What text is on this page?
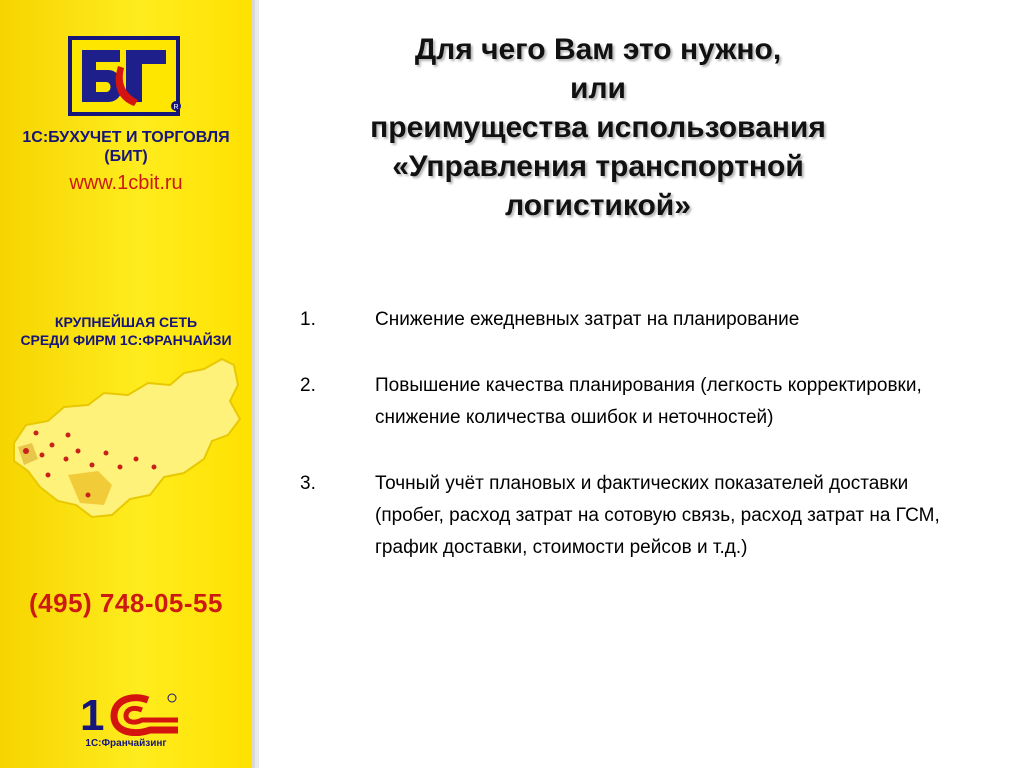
R
1С:БУХУЧЕТ И ТОРГОВЛЯ
(БИТ)
www.1cbit.ru
КРУПНЕЙШАЯ СЕТЬ
СРЕДИ ФИРМ 1С:ФРАНЧАЙЗИ
(495) 748-05-55
1
1С:Франчайзинг
Для чего Вам это нужно,
или
преимущества использования
«Управления транспортной
логистикой»
1.	Снижение ежедневных затрат на планирование
2.	Повышение качества планирования (легкость корректировки, снижение количества ошибок и неточностей)
3.	Точный учёт плановых и фактических показателей доставки (пробег, расход затрат на сотовую связь, расход затрат на ГСМ, график доставки, стоимости рейсов и т.д.)
